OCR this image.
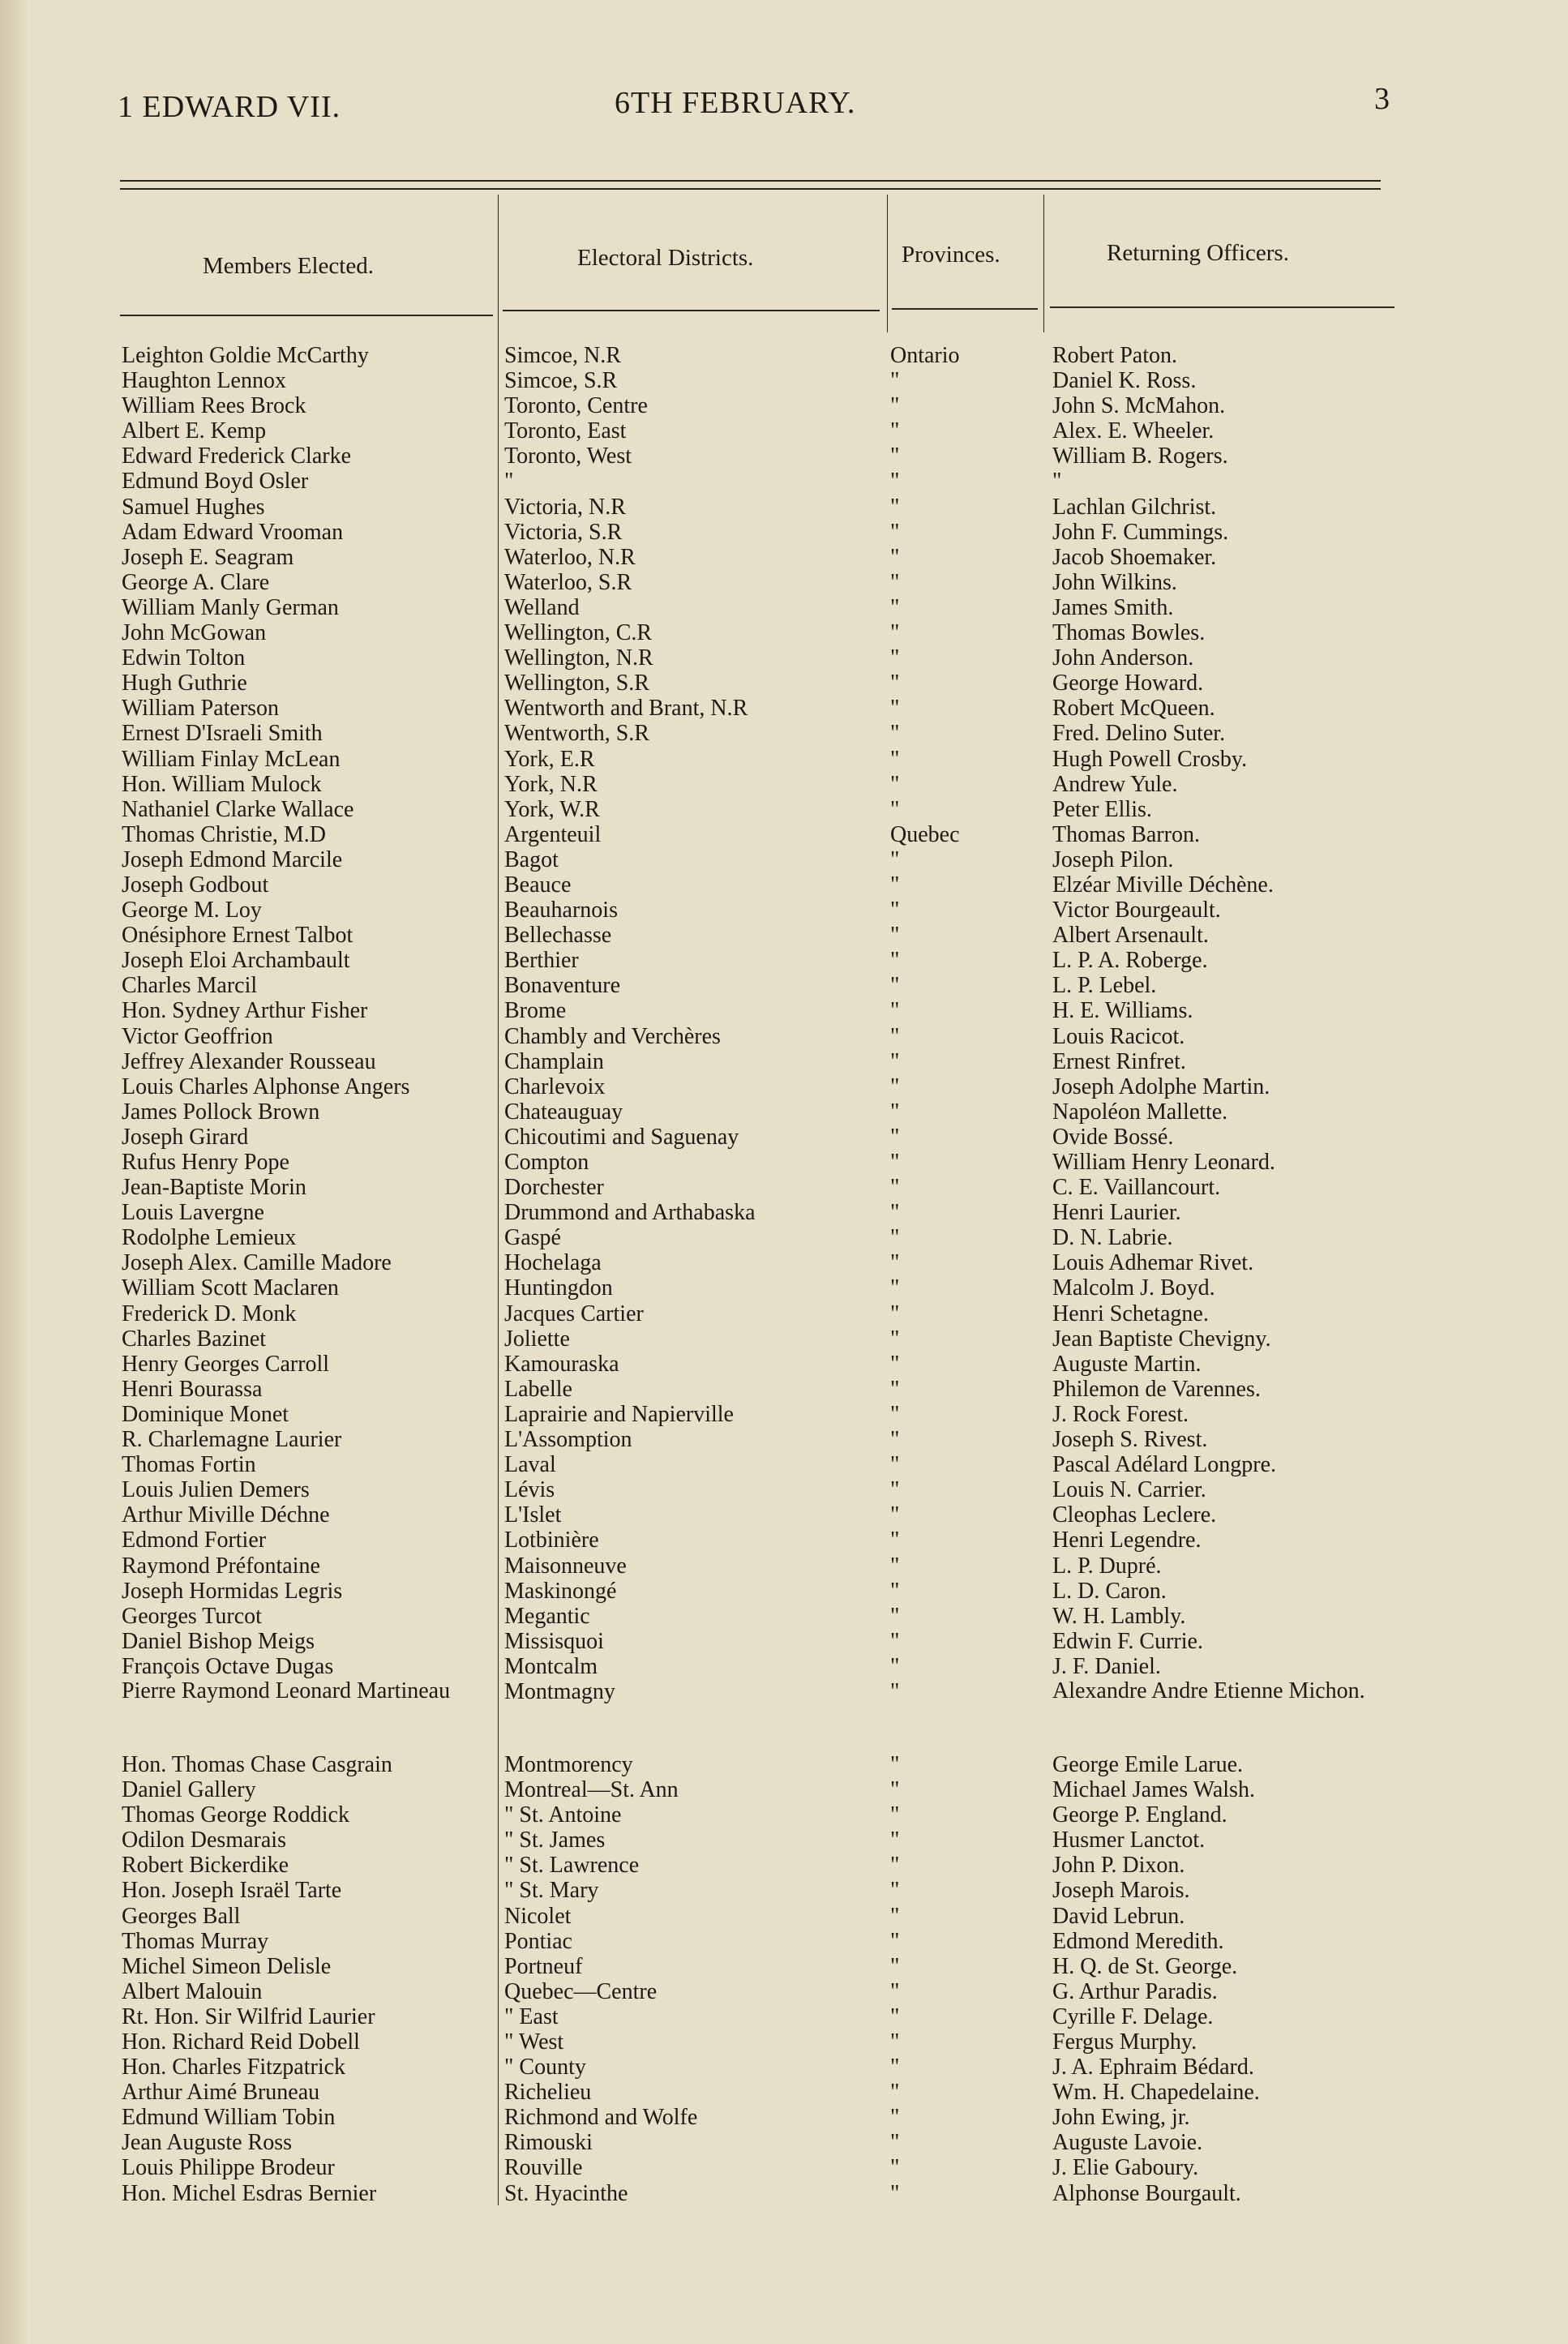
1 EDWARD VII.	6TH FEBRUARY.	3
Members Elected.	Electoral Districts.	Provinces.	Returning Officers.
Leighton Goldie McCarthy	Simcoe, N.R	Ontario	Robert Paton.
Haughton Lennox	Simcoe, S.R	"	Daniel K. Ross.
William Rees Brock	Toronto, Centre	"	John S. McMahon.
Albert E. Kemp	Toronto, East	"	Alex. E. Wheeler.
Edward Frederick Clarke	Toronto, West	"	William B. Rogers.
Edmund Boyd Osler	"	"	"
Samuel Hughes	Victoria, N.R	"	Lachlan Gilchrist.
Adam Edward Vrooman	Victoria, S.R	"	John F. Cummings.
Joseph E. Seagram	Waterloo, N.R	"	Jacob Shoemaker.
George A. Clare	Waterloo, S.R	"	John Wilkins.
William Manly German	Welland	"	James Smith.
John McGowan	Wellington, C.R	"	Thomas Bowles.
Edwin Tolton	Wellington, N.R	"	John Anderson.
Hugh Guthrie	Wellington, S.R	"	George Howard.
William Paterson	Wentworth and Brant, N.R	"	Robert McQueen.
Ernest D'Israeli Smith	Wentworth, S.R	"	Fred. Delino Suter.
William Finlay McLean	York, E.R	"	Hugh Powell Crosby.
Hon. William Mulock	York, N.R	"	Andrew Yule.
Nathaniel Clarke Wallace	York, W.R	"	Peter Ellis.
Thomas Christie, M.D	Argenteuil	Quebec	Thomas Barron.
Joseph Edmond Marcile	Bagot	"	Joseph Pilon.
Joseph Godbout	Beauce	"	Elzéar Miville Déchène.
George M. Loy	Beauharnois	"	Victor Bourgeault.
Onésiphore Ernest Talbot	Bellechasse	"	Albert Arsenault.
Joseph Eloi Archambault	Berthier	"	L. P. A. Roberge.
Charles Marcil	Bonaventure	"	L. P. Lebel.
Hon. Sydney Arthur Fisher	Brome	"	H. E. Williams.
Victor Geoffrion	Chambly and Verchères	"	Louis Racicot.
Jeffrey Alexander Rousseau	Champlain	"	Ernest Rinfret.
Louis Charles Alphonse Angers	Charlevoix	"	Joseph Adolphe Martin.
James Pollock Brown	Chateauguay	"	Napoléon Mallette.
Joseph Girard	Chicoutimi and Saguenay	"	Ovide Bossé.
Rufus Henry Pope	Compton	"	William Henry Leonard.
Jean-Baptiste Morin	Dorchester	"	C. E. Vaillancourt.
Louis Lavergne	Drummond and Arthabaska	"	Henri Laurier.
Rodolphe Lemieux	Gaspé	"	D. N. Labrie.
Joseph Alex. Camille Madore	Hochelaga	"	Louis Adhemar Rivet.
William Scott Maclaren	Huntingdon	"	Malcolm J. Boyd.
Frederick D. Monk	Jacques Cartier	"	Henri Schetagne.
Charles Bazinet	Joliette	"	Jean Baptiste Chevigny.
Henry Georges Carroll	Kamouraska	"	Auguste Martin.
Henri Bourassa	Labelle	"	Philemon de Varennes.
Dominique Monet	Laprairie and Napierville	"	J. Rock Forest.
R. Charlemagne Laurier	L'Assomption	"	Joseph S. Rivest.
Thomas Fortin	Laval	"	Pascal Adélard Longpre.
Louis Julien Demers	Lévis	"	Louis N. Carrier.
Arthur Miville Déchne	L'Islet	"	Cleophas Leclere.
Edmond Fortier	Lotbinière	"	Henri Legendre.
Raymond Préfontaine	Maisonneuve	"	L. P. Dupré.
Joseph Hormidas Legris	Maskinongé	"	L. D. Caron.
Georges Turcot	Megantic	"	W. H. Lambly.
Daniel Bishop Meigs	Missisquoi	"	Edwin F. Currie.
François Octave Dugas	Montcalm	"	J. F. Daniel.
Pierre Raymond Leonard Martineau	Montmagny	"	Alexandre Andre Etienne Michon.
Hon. Thomas Chase Casgrain	Montmorency	"	George Emile Larue.
Daniel Gallery	Montreal—St. Ann	"	Michael James Walsh.
Thomas George Roddick	" St. Antoine	"	George P. England.
Odilon Desmarais	" St. James	"	Husmer Lanctot.
Robert Bickerdike	" St. Lawrence	"	John P. Dixon.
Hon. Joseph Israël Tarte	" St. Mary	"	Joseph Marois.
Georges Ball	Nicolet	"	David Lebrun.
Thomas Murray	Pontiac	"	Edmond Meredith.
Michel Simeon Delisle	Portneuf	"	H. Q. de St. George.
Albert Malouin	Quebec—Centre	"	G. Arthur Paradis.
Rt. Hon. Sir Wilfrid Laurier	" East	"	Cyrille F. Delage.
Hon. Richard Reid Dobell	" West	"	Fergus Murphy.
Hon. Charles Fitzpatrick	" County	"	J. A. Ephraim Bédard.
Arthur Aimé Bruneau	Richelieu	"	Wm. H. Chapedelaine.
Edmund William Tobin	Richmond and Wolfe	"	John Ewing, jr.
Jean Auguste Ross	Rimouski	"	Auguste Lavoie.
Louis Philippe Brodeur	Rouville	"	J. Elie Gaboury.
Hon. Michel Esdras Bernier	St. Hyacinthe	"	Alphonse Bourgault.
